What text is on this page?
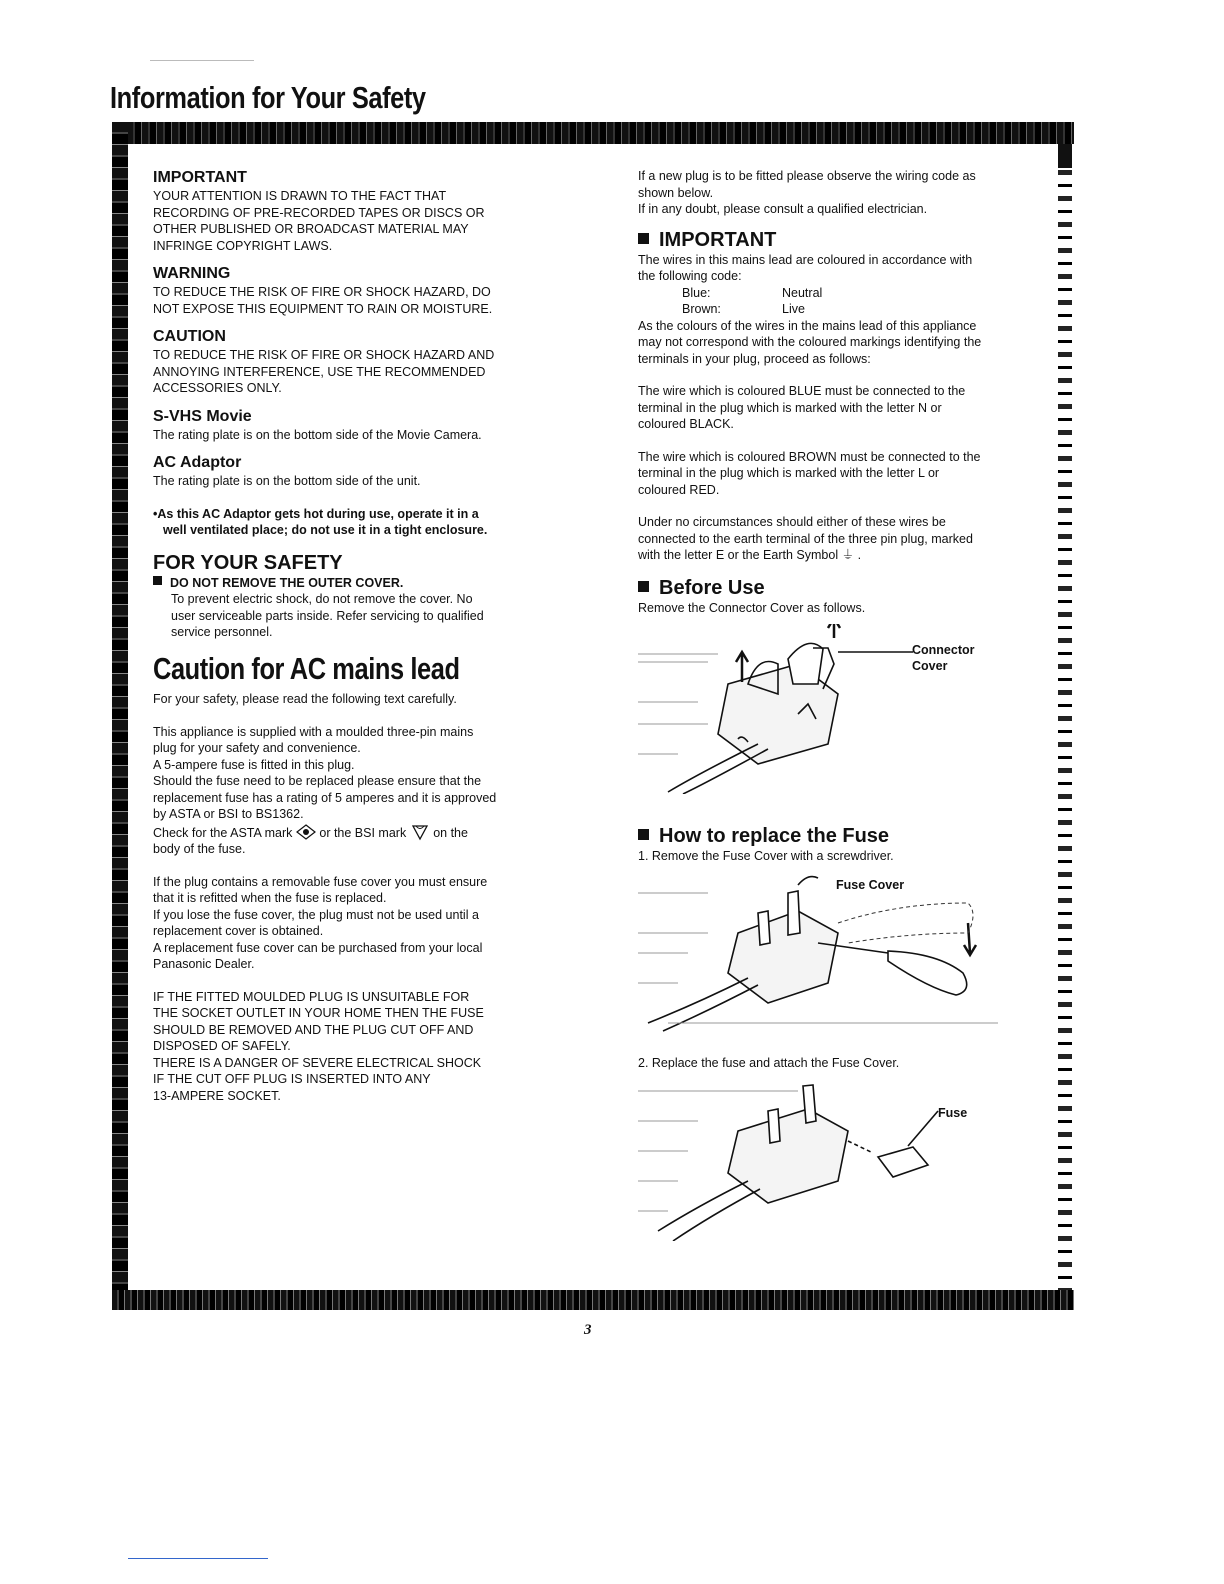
Information for Your Safety
IMPORTANT

YOUR ATTENTION IS DRAWN TO THE FACT THAT

RECORDING OF PRE-RECORDED TAPES OR DISCS OR

OTHER PUBLISHED OR BROADCAST MATERIAL MAY

INFRINGE COPYRIGHT LAWS.

WARNING

TO REDUCE THE RISK OF FIRE OR SHOCK HAZARD, DO

NOT EXPOSE THIS EQUIPMENT TO RAIN OR MOISTURE.

CAUTION

TO REDUCE THE RISK OF FIRE OR SHOCK HAZARD AND

ANNOYING INTERFERENCE, USE THE RECOMMENDED

ACCESSORIES ONLY.

S-VHS Movie

The rating plate is on the bottom side of the Movie Camera.

AC Adaptor

The rating plate is on the bottom side of the unit.

•As this AC Adaptor gets hot during use, operate it in a

well ventilated place; do not use it in a tight enclosure.

FOR YOUR SAFETY

DO NOT REMOVE THE OUTER COVER.

To prevent electric shock, do not remove the cover. No

user serviceable parts inside. Refer servicing to qualified

service personnel.

Caution for AC mains lead

For your safety, please read the following text carefully.

This appliance is supplied with a moulded three-pin mains

plug for your safety and convenience.

A 5-ampere fuse is fitted in this plug.

Should the fuse need to be replaced please ensure that the

replacement fuse has a rating of 5 amperes and it is approved

by ASTA or BSI to BS1362.

Check for the ASTA mark or the BSI mark on the

body of the fuse.

If the plug contains a removable fuse cover you must ensure

that it is refitted when the fuse is replaced.

If you lose the fuse cover, the plug must not be used until a

replacement cover is obtained.

A replacement fuse cover can be purchased from your local

Panasonic Dealer.

IF THE FITTED MOULDED PLUG IS UNSUITABLE FOR

THE SOCKET OUTLET IN YOUR HOME THEN THE FUSE

SHOULD BE REMOVED AND THE PLUG CUT OFF AND

DISPOSED OF SAFELY.

THERE IS A DANGER OF SEVERE ELECTRICAL SHOCK

IF THE CUT OFF PLUG IS INSERTED INTO ANY

13-AMPERE SOCKET.

If a new plug is to be fitted please observe the wiring code as

shown below.

If in any doubt, please consult a qualified electrician.

IMPORTANT

The wires in this mains lead are coloured in accordance with

the following code:

Blue:	Neutral
Brown:	Live

As the colours of the wires in the mains lead of this appliance

may not correspond with the coloured markings identifying the

terminals in your plug, proceed as follows:

The wire which is coloured BLUE must be connected to the

terminal in the plug which is marked with the letter N or

coloured BLACK.

The wire which is coloured BROWN must be connected to the

terminal in the plug which is marked with the letter L or

coloured RED.

Under no circumstances should either of these wires be

connected to the earth terminal of the three pin plug, marked

with the letter E or the Earth Symbol ⏚ .

Before Use

Remove the Connector Cover as follows.

Connector
Cover
How to replace the Fuse

1. Remove the Fuse Cover with a screwdriver.

Fuse Cover

2. Replace the fuse and attach the Fuse Cover.

Fuse
3
